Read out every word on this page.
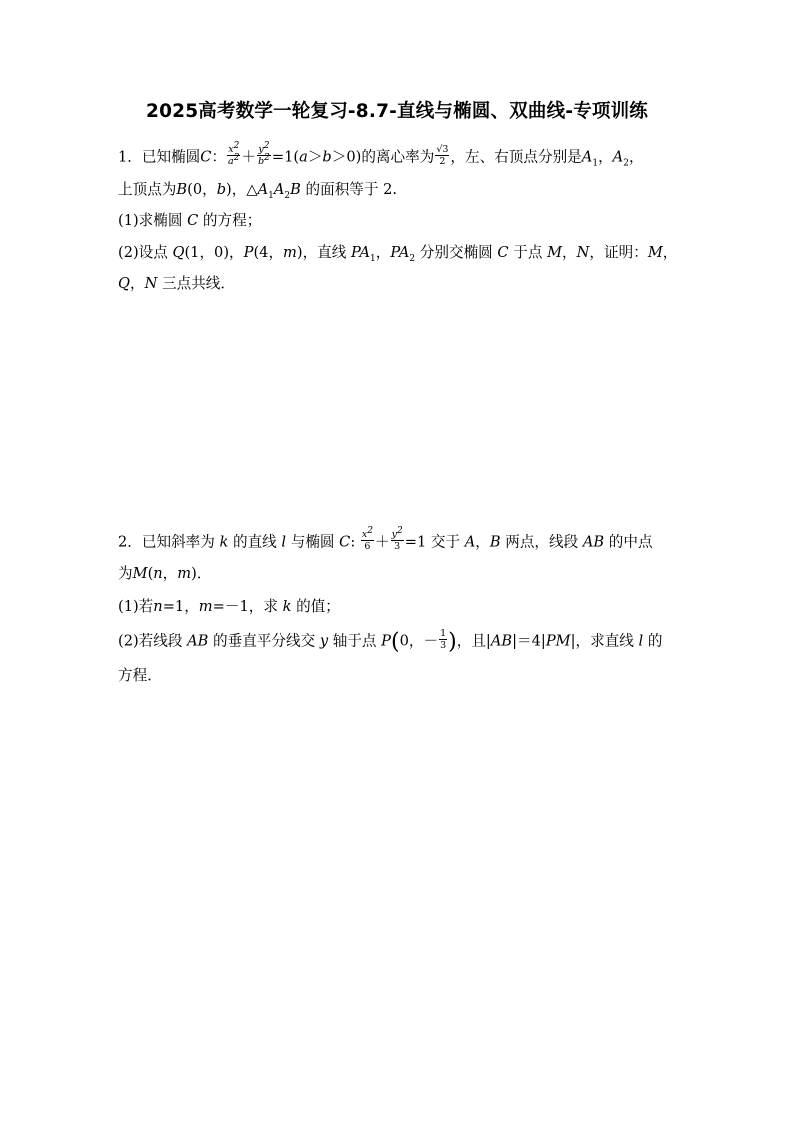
2025高考数学一轮复习-8.7-直线与椭圆、双曲线-专项训练
1．已知椭圆C： $\frac{x^2}{a^2} + \frac{y^2}{b^2} =1(a>b>0)$的离心率为 $\frac{√3}{2}$ ，左、右顶点分别是$A_1$，$A_2$，
上顶点为B(0，b)，$\triangle A_1A_2B$ 的面积等于 2.
(1)求椭圆 C 的方程；
(2)设点 Q(1，0)，P(4，m)，直线 $PA_1$，$PA_2$ 分别交椭圆 C 于点 M，N，证明：M，
Q，N 三点共线．
2．已知斜率为 k 的直线 l 与椭圆 C: $\frac{x^2}{6} + \frac{y^2}{3} =1$ 交于 A，B 两点，线段 AB 的中点
为M(n，m)．
(1)若n=1，m=－1，求 k 的值；
(2)若线段 AB 的垂直平分线交 y 轴于点 P(0，－ $\frac{1}{3}$ )，且|AB|＝4|PM|，求直线 l 的
方程．
